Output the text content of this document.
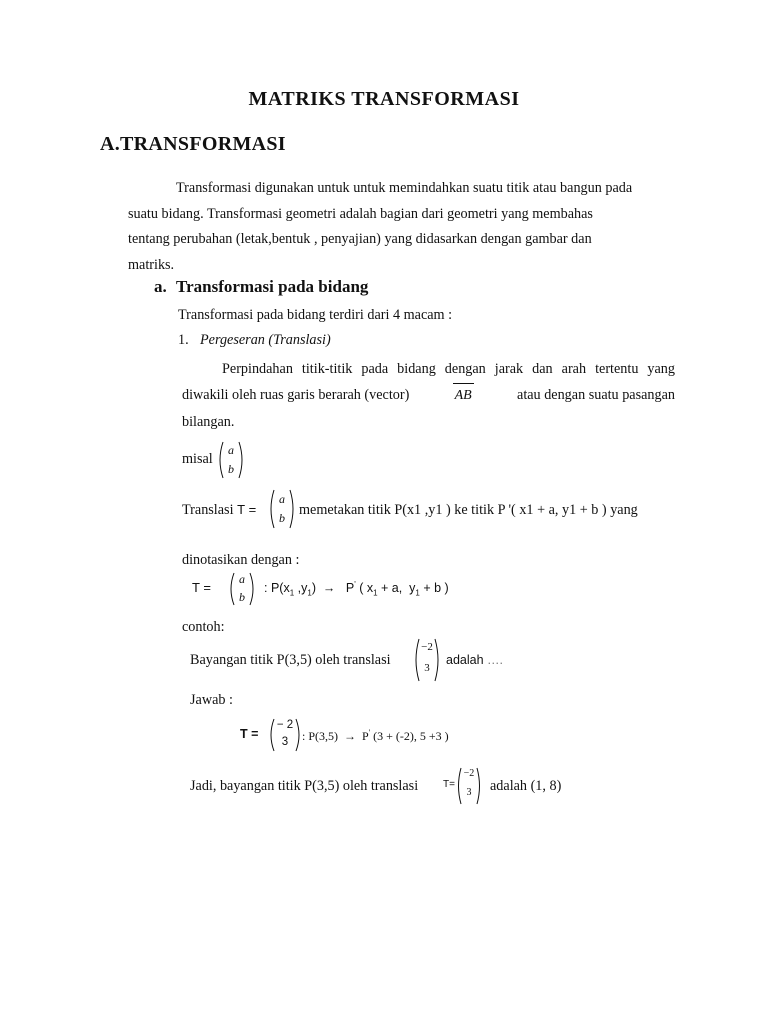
MATRIKS TRANSFORMASI
A.TRANSFORMASI
Transformasi digunakan untuk untuk memindahkan suatu titik atau bangun pada
suatu bidang. Transformasi geometri adalah bagian dari geometri yang membahas
tentang perubahan (letak,bentuk , penyajian) yang didasarkan dengan gambar dan
matriks.
a. Transformasi pada bidang
Transformasi pada bidang terdiri dari 4 macam :
1. Pergeseran (Translasi)
Perpindahan titik-titik pada bidang dengan jarak dan arah tertentu yang
diwakili oleh ruas garis berarah (vector)	AB	atau dengan suatu pasangan
bilangan.
misal
a
b
Translasi T =
a
b memetakan titik P(x1 ,y1 ) ke titik P '( x1 + a, y1 + b ) yang
dinotasikan dengan :
T =
a
b
: $P(x_1$ $,y_1) \to P'$ ( $x_1 + a$,  $y_1 + b$ )
contoh:
Bayangan titik P(3,5) oleh translasi
−2
3
adalah ….
Jawab :
T =
− 2
3	: P(3,5)  →  P' (3 + (-2), 5 +3 )
Jadi, bayangan titik P(3,5) oleh translasi T=
−2
3	adalah (1, 8)
